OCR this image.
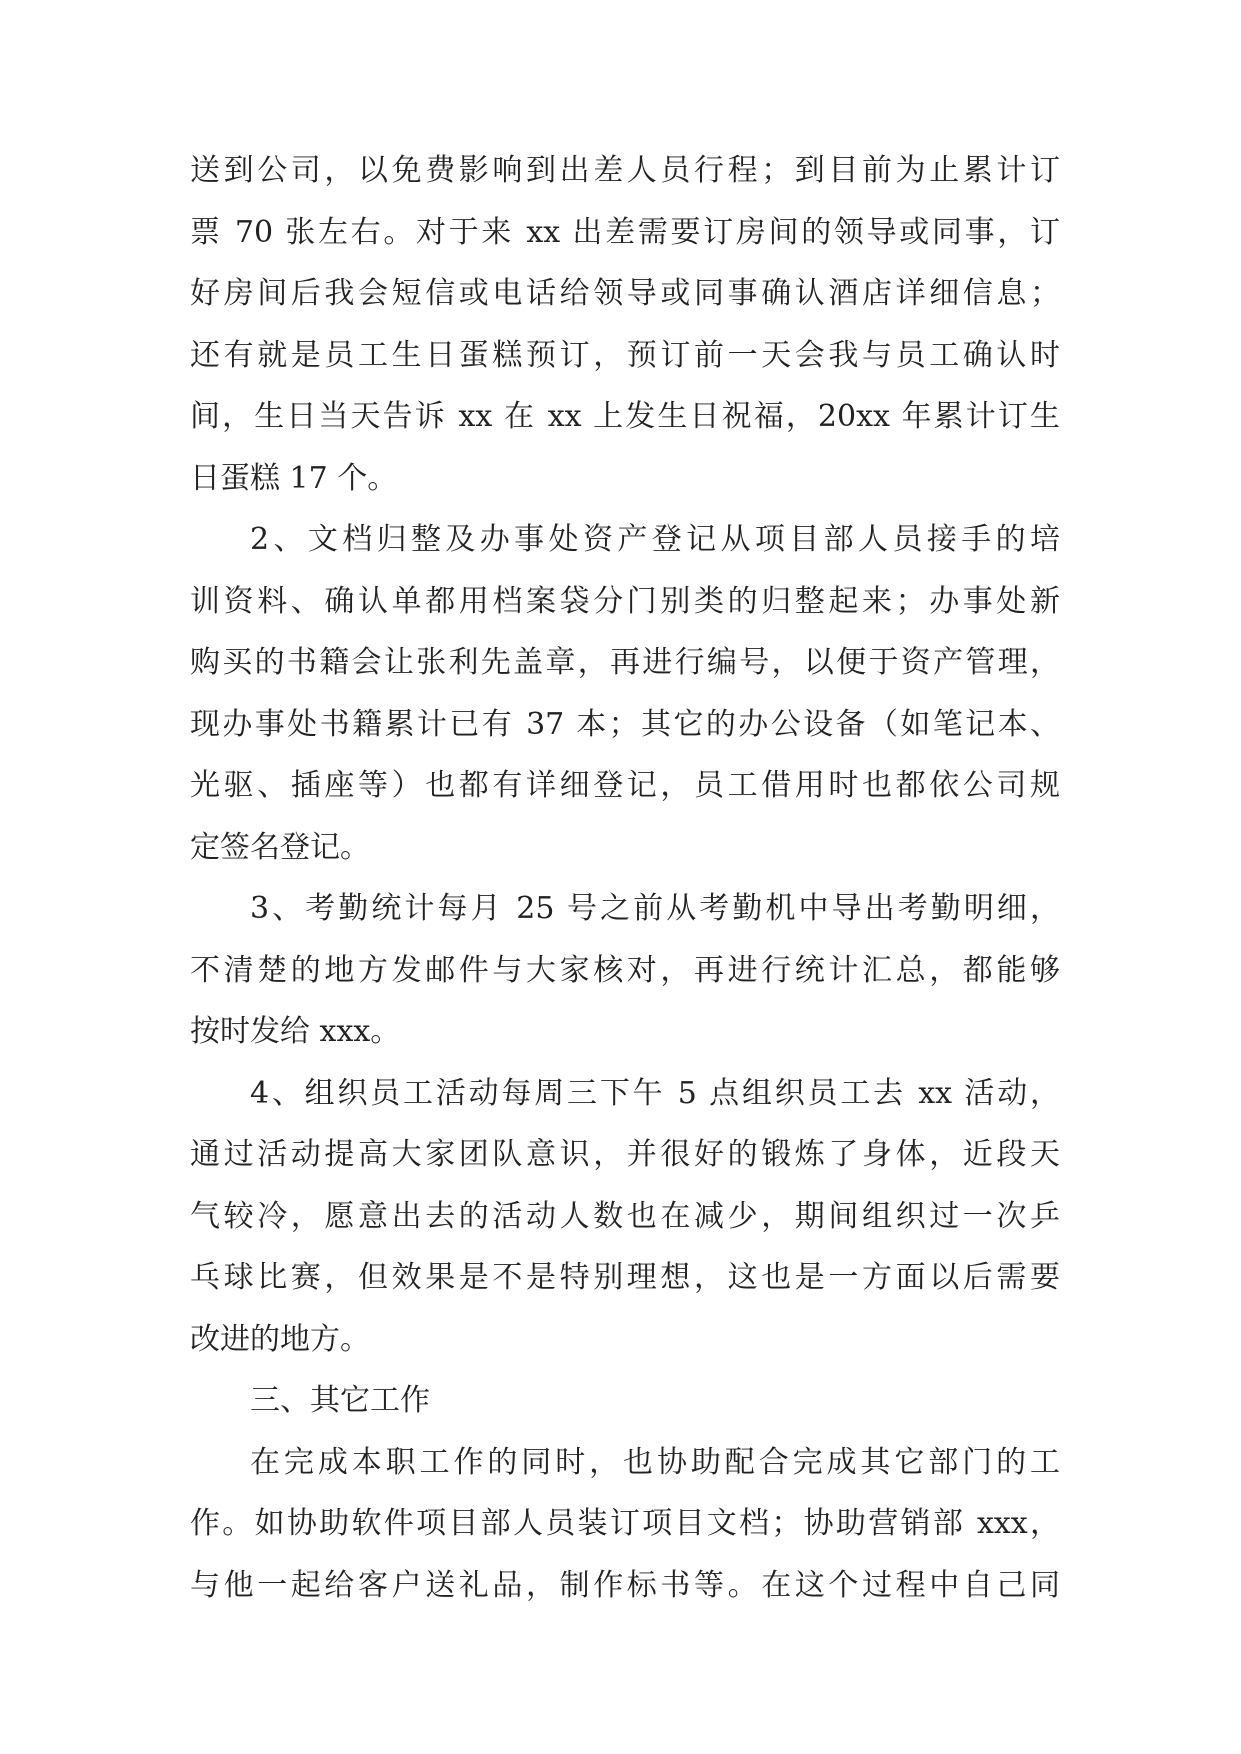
送到公司，以免费影响到出差人员行程；到目前为止累计订
票 70 张左右。对于来 xx 出差需要订房间的领导或同事，订
好房间后我会短信或电话给领导或同事确认酒店详细信息；
还有就是员工生日蛋糕预订，预订前一天会我与员工确认时
间，生日当天告诉 xx 在 xx 上发生日祝福，20xx 年累计订生
日蛋糕 17 个。
2、文档归整及办事处资产登记从项目部人员接手的培
训资料、确认单都用档案袋分门别类的归整起来；办事处新
购买的书籍会让张利先盖章，再进行编号，以便于资产管理，
现办事处书籍累计已有 37 本；其它的办公设备（如笔记本、
光驱、插座等）也都有详细登记，员工借用时也都依公司规
定签名登记。
3、考勤统计每月 25 号之前从考勤机中导出考勤明细，
不清楚的地方发邮件与大家核对，再进行统计汇总，都能够
按时发给 xxx。
4、组织员工活动每周三下午 5 点组织员工去 xx 活动，
通过活动提高大家团队意识，并很好的锻炼了身体，近段天
气较冷，愿意出去的活动人数也在减少，期间组织过一次乒
乓球比赛，但效果是不是特别理想，这也是一方面以后需要
改进的地方。
三、其它工作
在完成本职工作的同时，也协助配合完成其它部门的工
作。如协助软件项目部人员装订项目文档；协助营销部 xxx，
与他一起给客户送礼品，制作标书等。在这个过程中自己同
